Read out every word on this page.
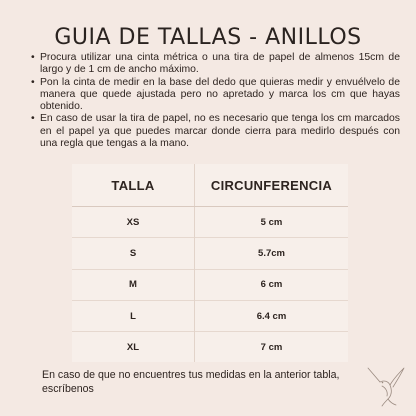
GUIA DE TALLAS - ANILLOS
• Procura utilizar una cinta métrica o una tira de papel de almenos 15cm de largo y de 1 cm de ancho máximo.
• Pon la cinta de medir en la base del dedo que quieras medir y envuélvelo de manera que quede ajustada pero no apretado y marca los cm que hayas obtenido.
• En caso de usar la tira de papel, no es necesario que tenga los cm marcados en el papel ya que puedes marcar donde cierra para medirlo después con una regla que tengas a la mano.
TALLA	CIRCUNFERENCIA
XS	5 cm
S	5.7cm
M	6 cm
L	6.4 cm
XL	7 cm
En caso de que no encuentres tus medidas en la anterior tabla, escríbenos
